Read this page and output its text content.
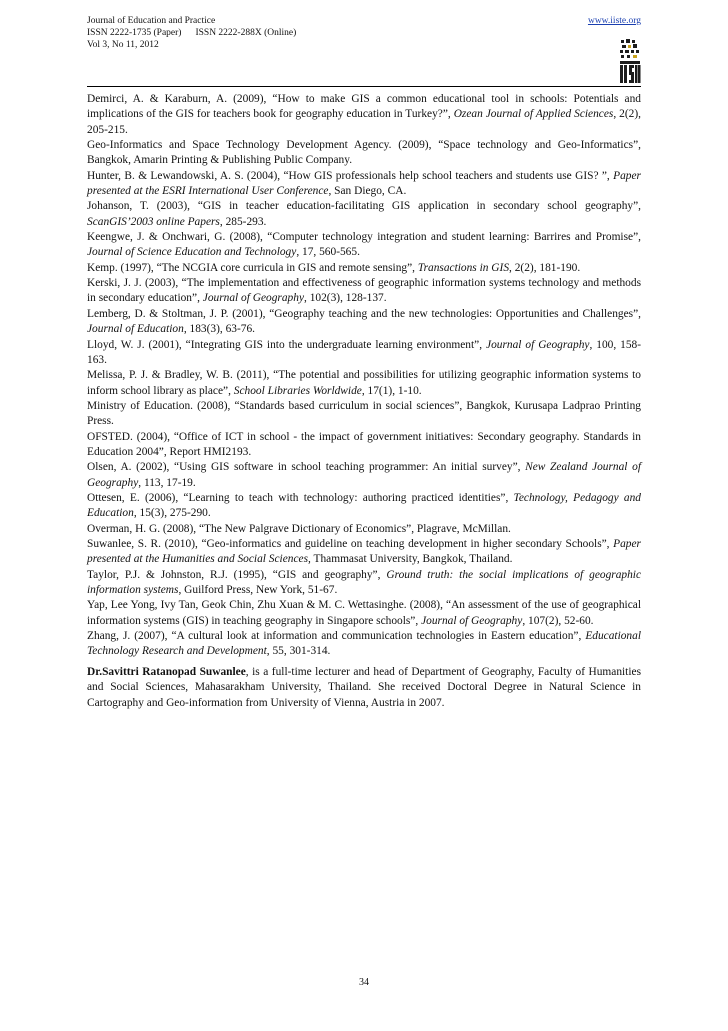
Journal of Education and Practice
ISSN 2222-1735 (Paper) ISSN 2222-288X (Online)
Vol 3, No 11, 2012
www.iiste.org

Demirci, A. & Karaburn, A. (2009), “How to make GIS a common educational tool in schools: Potentials and implications of the GIS for teachers book for geography education in Turkey?”, Ozean Journal of Applied Sciences, 2(2), 205-215.

Geo-Informatics and Space Technology Development Agency. (2009), “Space technology and Geo-Informatics”, Bangkok, Amarin Printing & Publishing Public Company.

Hunter, B. & Lewandowski, A. S. (2004), “How GIS professionals help school teachers and students use GIS? ”, Paper presented at the ESRI International User Conference, San Diego, CA.

Johanson, T. (2003), “GIS in teacher education-facilitating GIS application in secondary school geography”, ScanGIS’2003 online Papers, 285-293.

Keengwe, J. & Onchwari, G. (2008), “Computer technology integration and student learning: Barrires and Promise”, Journal of Science Education and Technology, 17, 560-565.

Kemp. (1997), “The NCGIA core curricula in GIS and remote sensing”, Transactions in GIS, 2(2), 181-190.

Kerski, J. J. (2003), “The implementation and effectiveness of geographic information systems technology and methods in secondary education”, Journal of Geography, 102(3), 128-137.

Lemberg, D. & Stoltman, J. P. (2001), “Geography teaching and the new technologies: Opportunities and Challenges”, Journal of Education, 183(3), 63-76.

Lloyd, W. J. (2001), “Integrating GIS into the undergraduate learning environment”, Journal of Geography, 100, 158-163.

Melissa, P. J. & Bradley, W. B. (2011), “The potential and possibilities for utilizing geographic information systems to inform school library as place”, School Libraries Worldwide, 17(1), 1-10.

Ministry of Education. (2008), “Standards based curriculum in social sciences”, Bangkok, Kurusapa Ladprao Printing Press.

OFSTED. (2004), “Office of ICT in school - the impact of government initiatives: Secondary geography. Standards in Education 2004”, Report HMI2193.

Olsen, A. (2002), “Using GIS software in school teaching programmer: An initial survey”, New Zealand Journal of Geography, 113, 17-19.

Ottesen, E. (2006), “Learning to teach with technology: authoring practiced identities”, Technology, Pedagogy and Education, 15(3), 275-290.

Overman, H. G. (2008), “The New Palgrave Dictionary of Economics”, Plagrave, McMillan.

Suwanlee, S. R. (2010), “Geo-informatics and guideline on teaching development in higher secondary Schools”, Paper presented at the Humanities and Social Sciences, Thammasat University, Bangkok, Thailand.

Taylor, P.J. & Johnston, R.J. (1995), “GIS and geography”, Ground truth: the social implications of geographic information systems, Guilford Press, New York, 51-67.

Yap, Lee Yong, Ivy Tan, Geok Chin, Zhu Xuan & M. C. Wettasinghe. (2008), “An assessment of the use of geographical information systems (GIS) in teaching geography in Singapore schools”, Journal of Geography, 107(2), 52-60.

Zhang, J. (2007), “A cultural look at information and communication technologies in Eastern education”, Educational Technology Research and Development, 55, 301-314.

Dr.Savittri Ratanopad Suwanlee, is a full-time lecturer and head of Department of Geography, Faculty of Humanities and Social Sciences, Mahasarakham University, Thailand. She received Doctoral Degree in Natural Science in Cartography and Geo-information from University of Vienna, Austria in 2007.

34
